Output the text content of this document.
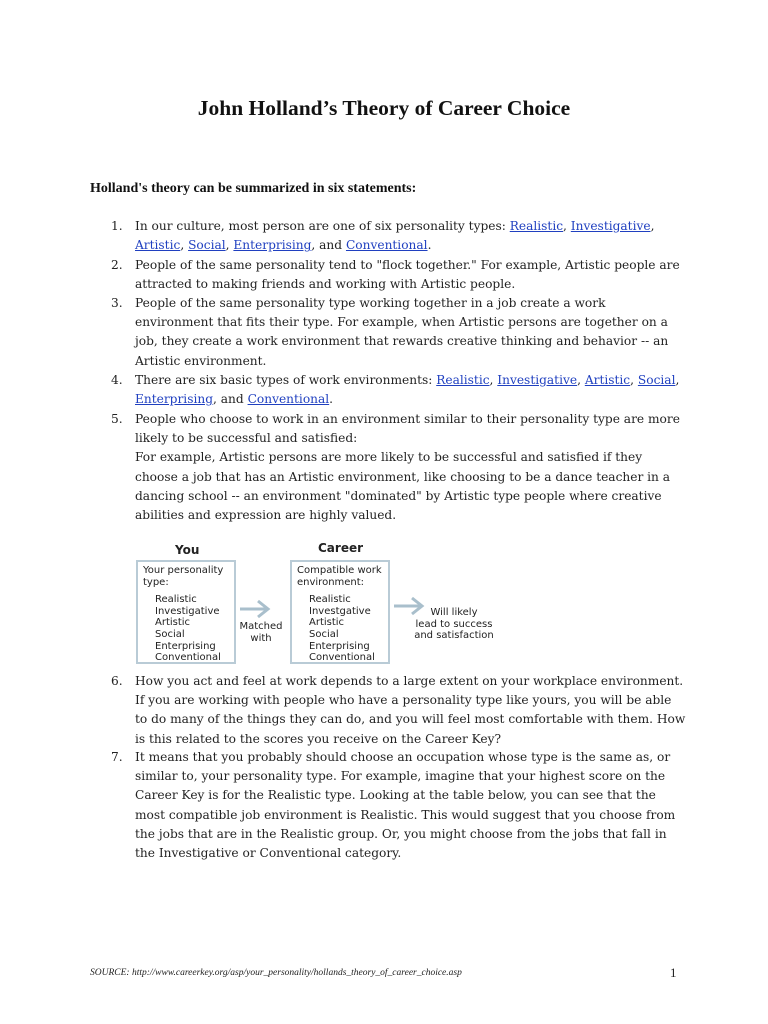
John Holland’s Theory of Career Choice
Holland's theory can be summarized in six statements:
1.	In our culture, most person are one of six personality types: Realistic, Investigative, Artistic, Social, Enterprising, and Conventional.
2.	People of the same personality tend to "flock together." For example, Artistic people are attracted to making friends and working with Artistic people.
3.	People of the same personality type working together in a job create a work environment that fits their type. For example, when Artistic persons are together on a job, they create a work environment that rewards creative thinking and behavior -- an Artistic environment.
4.	There are six basic types of work environments: Realistic, Investigative, Artistic, Social, Enterprising, and Conventional.
5.	People who choose to work in an environment similar to their personality type are more likely to be successful and satisfied:
For example, Artistic persons are more likely to be successful and satisfied if they choose a job that has an Artistic environment, like choosing to be a dance teacher in a dancing school -- an environment "dominated" by Artistic type people where creative abilities and expression are highly valued.
6.	How you act and feel at work depends to a large extent on your workplace environment. If you are working with people who have a personality type like yours, you will be able to do many of the things they can do, and you will feel most comfortable with them. How is this related to the scores you receive on the Career Key?
7.	It means that you probably should choose an occupation whose type is the same as, or similar to, your personality type. For example, imagine that your highest score on the Career Key is for the Realistic type. Looking at the table below, you can see that the most compatible job environment is Realistic. This would suggest that you choose from the jobs that are in the Realistic group. Or, you might choose from the jobs that fall in the Investigative or Conventional category.
You	Career
Your personality type:
Realistic
Investigative
Artistic
Social
Enterprising
Conventional
Matched
with
Compatible work environment:
Realistic
Investgative
Artistic
Social
Enterprising
Conventional
Will likely
lead to success
and satisfaction
SOURCE: http://www.careerkey.org/asp/your_personality/hollands_theory_of_career_choice.asp	1
